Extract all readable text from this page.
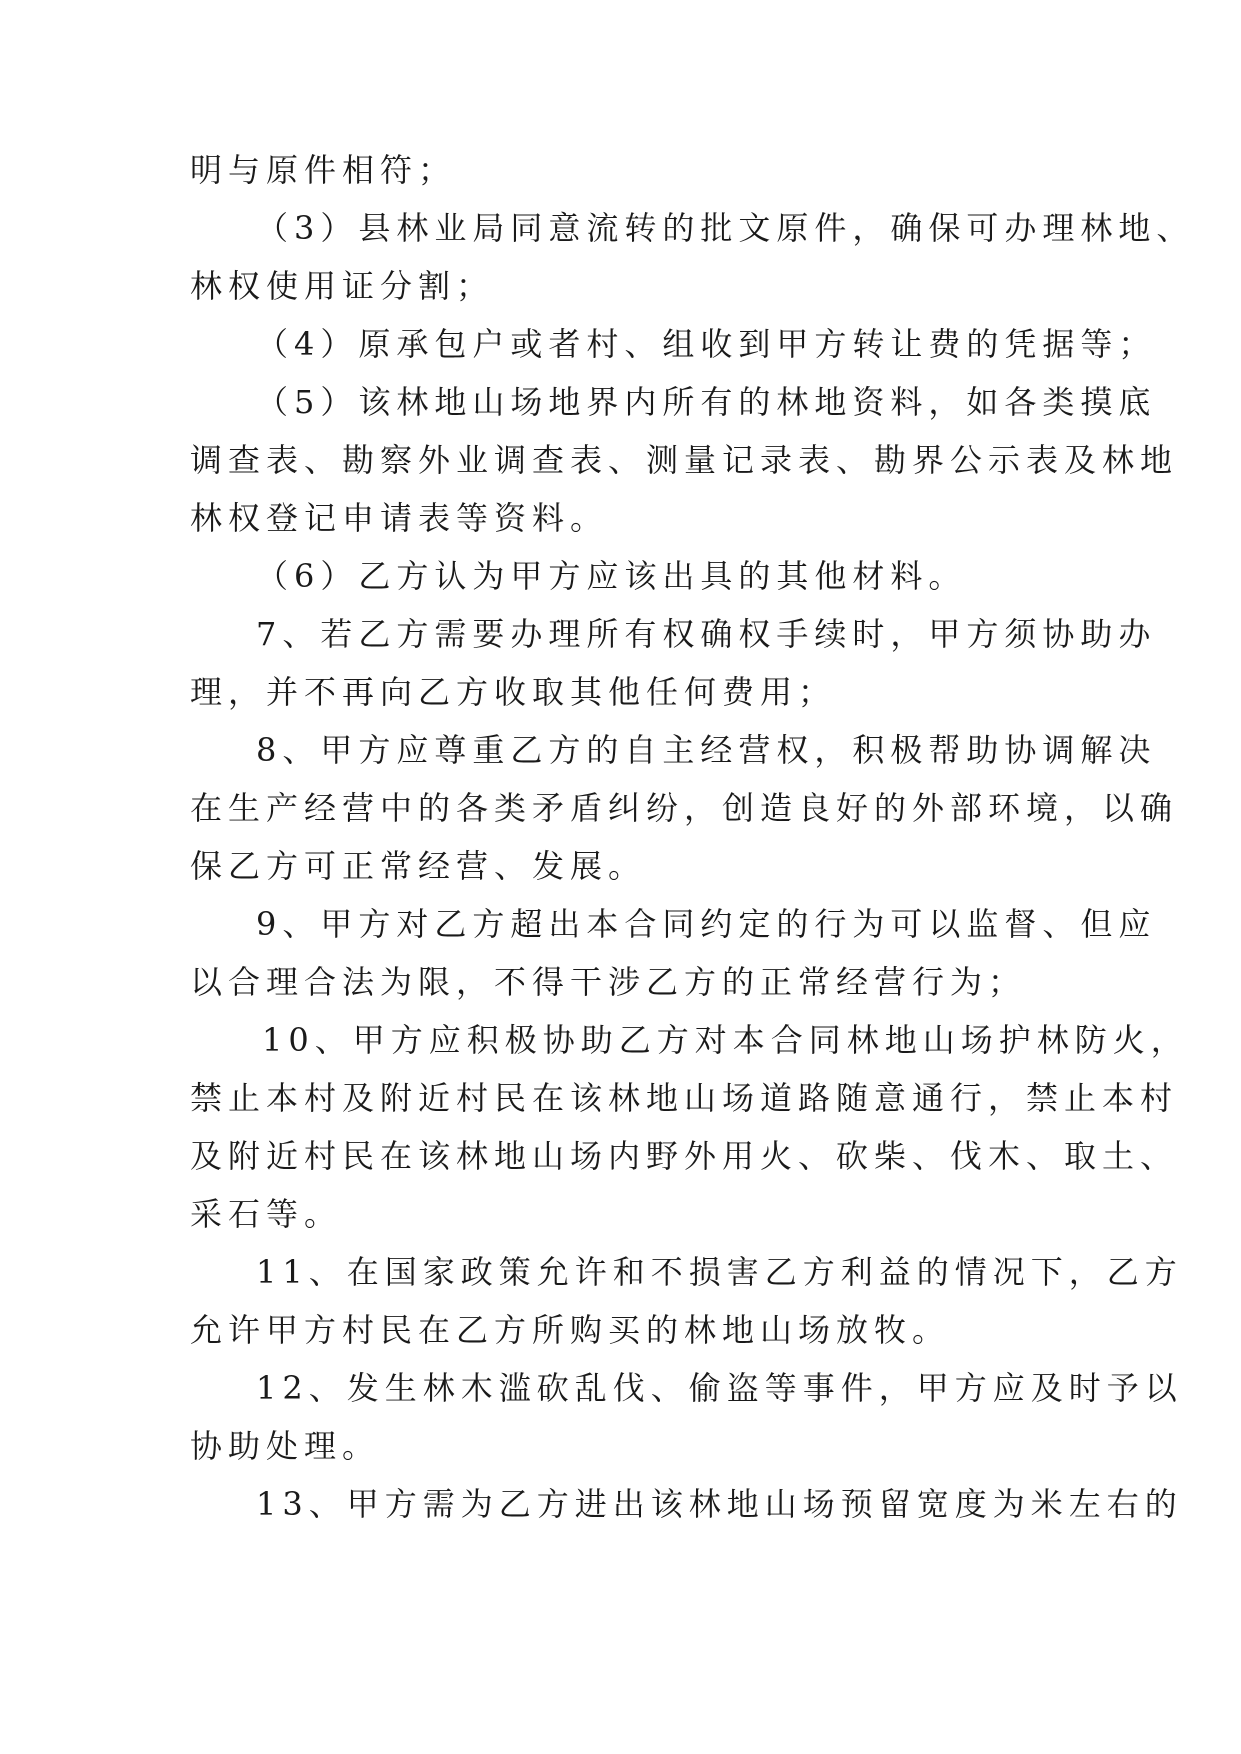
明与原件相符；
（3）县林业局同意流转的批文原件，确保可办理林地、
林权使用证分割；
（4）原承包户或者村、组收到甲方转让费的凭据等；
（5）该林地山场地界内所有的林地资料，如各类摸底
调查表、勘察外业调查表、测量记录表、勘界公示表及林地
林权登记申请表等资料。
（6）乙方认为甲方应该出具的其他材料。
7、若乙方需要办理所有权确权手续时，甲方须协助办
理，并不再向乙方收取其他任何费用；
8、甲方应尊重乙方的自主经营权，积极帮助协调解决
在生产经营中的各类矛盾纠纷，创造良好的外部环境，以确
保乙方可正常经营、发展。
9、甲方对乙方超出本合同约定的行为可以监督、但应
以合理合法为限，不得干涉乙方的正常经营行为；
10、甲方应积极协助乙方对本合同林地山场护林防火，
禁止本村及附近村民在该林地山场道路随意通行，禁止本村
及附近村民在该林地山场内野外用火、砍柴、伐木、取土、
采石等。
11、在国家政策允许和不损害乙方利益的情况下，乙方
允许甲方村民在乙方所购买的林地山场放牧。
12、发生林木滥砍乱伐、偷盗等事件，甲方应及时予以
协助处理。
13、甲方需为乙方进出该林地山场预留宽度为米左右的
